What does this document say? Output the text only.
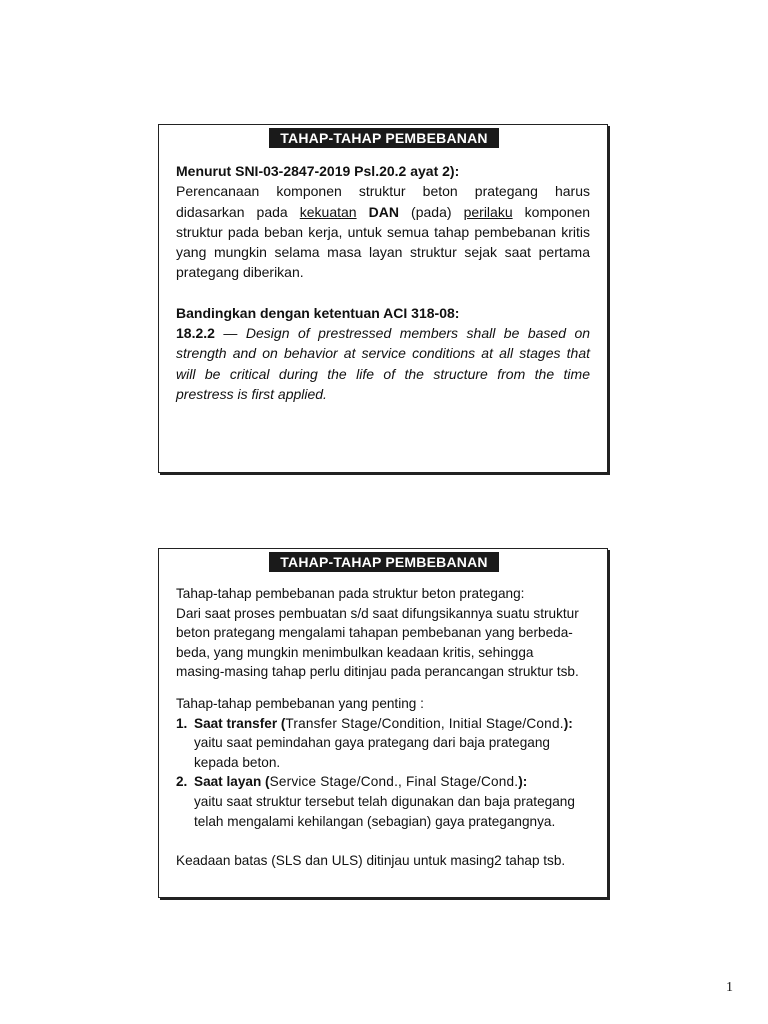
TAHAP-TAHAP PEMBEBANAN
Menurut SNI-03-2847-2019 Psl.20.2 ayat 2):
Perencanaan komponen struktur beton prategang harus didasarkan pada kekuatan DAN (pada) perilaku komponen struktur pada beban kerja, untuk semua tahap pembebanan kritis yang mungkin selama masa layan struktur sejak saat pertama prategang diberikan.
Bandingkan dengan ketentuan ACI 318-08:
18.2.2 — Design of prestressed members shall be based on strength and on behavior at service conditions at all stages that will be critical during the life of the structure from the time prestress is first applied.
TAHAP-TAHAP PEMBEBANAN
Tahap-tahap pembebanan pada struktur beton prategang:
Dari saat proses pembuatan s/d saat difungsikannya suatu struktur
beton prategang mengalami tahapan pembebanan yang berbeda-
beda, yang mungkin menimbulkan keadaan kritis, sehingga
masing-masing tahap perlu ditinjau pada perancangan struktur tsb.
Tahap-tahap pembebanan yang penting :
1. Saat transfer (Transfer Stage/Condition, Initial Stage/Cond.):
yaitu saat pemindahan gaya prategang dari baja prategang
kepada beton.
2. Saat layan (Service Stage/Cond., Final Stage/Cond.):
yaitu saat struktur tersebut telah digunakan dan baja prategang
telah mengalami kehilangan (sebagian) gaya prategangnya.
Keadaan batas (SLS dan ULS) ditinjau untuk masing2 tahap tsb.
1
